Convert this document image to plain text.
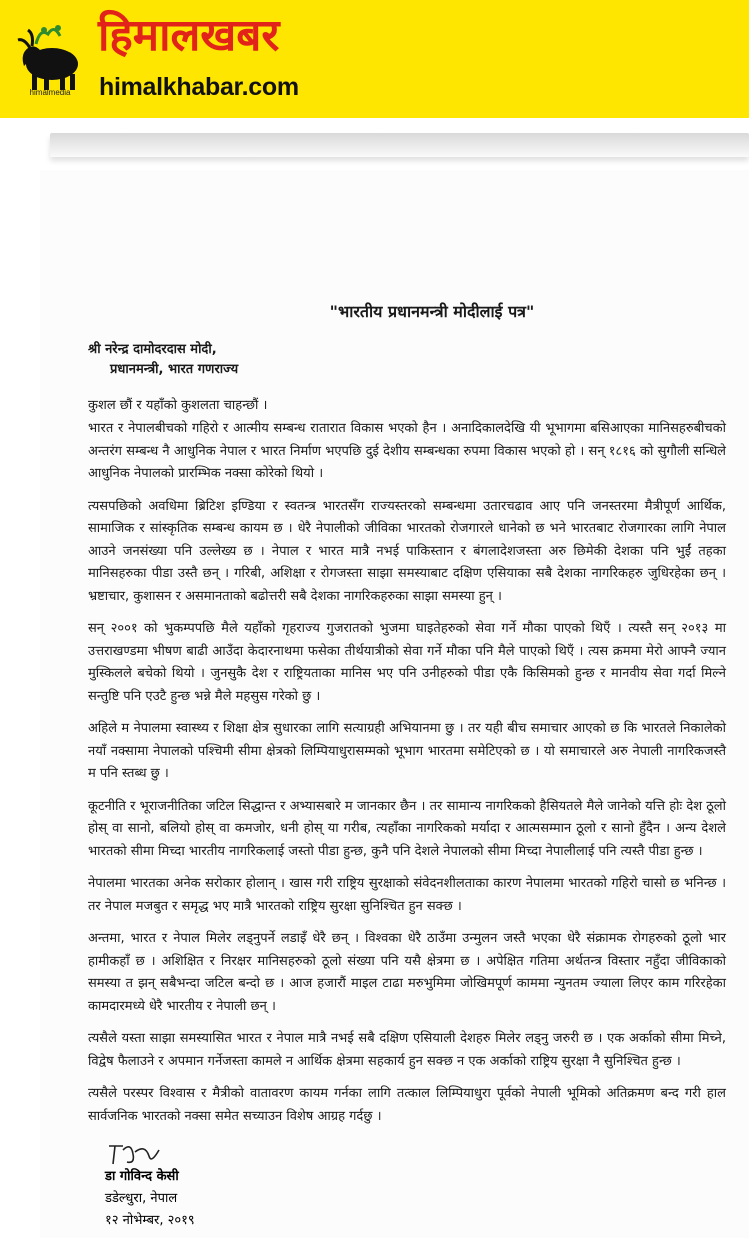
himalmedia
हिमालखबर
himalkhabar.com
"भारतीय प्रधानमन्त्री मोदीलाई पत्र"

श्री नरेन्द्र दामोदरदास मोदी,

प्रधानमन्त्री, भारत गणराज्य

कुशल छौं र यहाँको कुशलता चाहन्छौं ।
भारत र नेपालबीचको गहिरो र आत्मीय सम्बन्ध रातारात विकास भएको हैन । अनादिकालदेखि यी भूभागमा बसिआएका मानिसहरुबीचको अन्तरंग सम्बन्ध नै आधुनिक नेपाल र भारत निर्माण भएपछि दुई देशीय सम्बन्धका रुपमा विकास भएको हो । सन् १८१६ को सुगौली सन्धिले आधुनिक नेपालको प्रारम्भिक नक्सा कोरेको थियो ।
त्यसपछिको अवधिमा ब्रिटिश इण्डिया र स्वतन्त्र भारतसँग राज्यस्तरको सम्बन्धमा उतारचढाव आए पनि जनस्तरमा मैत्रीपूर्ण आर्थिक, सामाजिक र सांस्कृतिक सम्बन्ध कायम छ । धेरै नेपालीको जीविका भारतको रोजगारले धानेको छ भने भारतबाट रोजगारका लागि नेपाल आउने जनसंख्या पनि उल्लेख्य छ । नेपाल र भारत मात्रै नभई पाकिस्तान र बंगलादेशजस्ता अरु छिमेकी देशका पनि भुईं तहका मानिसहरुका पीडा उस्तै छन् । गरिबी, अशिक्षा र रोगजस्ता साझा समस्याबाट दक्षिण एसियाका सबै देशका नागरिकहरु जुधिरहेका छन् । भ्रष्टाचार, कुशासन र असमानताको बढोत्तरी सबै देशका नागरिकहरुका साझा समस्या हुन् ।
सन् २००१ को भुकम्पपछि मैले यहाँको गृहराज्य गुजरातको भुजमा घाइतेहरुको सेवा गर्ने मौका पाएको थिएँ । त्यस्तै सन् २०१३ मा उत्तराखण्डमा भीषण बाढी आउँदा केदारनाथमा फसेका तीर्थयात्रीको सेवा गर्ने मौका पनि मैले पाएको थिएँ । त्यस क्रममा मेरो आफ्नै ज्यान मुस्किलले बचेको थियो । जुनसुकै देश र राष्ट्रियताका मानिस भए पनि उनीहरुको पीडा एकै किसिमको हुन्छ र मानवीय सेवा गर्दा मिल्ने सन्तुष्टि पनि एउटै हुन्छ भन्ने मैले महसुस गरेको छु ।
अहिले म नेपालमा स्वास्थ्य र शिक्षा क्षेत्र सुधारका लागि सत्याग्रही अभियानमा छु । तर यही बीच समाचार आएको छ कि भारतले निकालेको नयाँ नक्सामा नेपालको पश्चिमी सीमा क्षेत्रको लिम्पियाधुरासम्मको भूभाग भारतमा समेटिएको छ । यो समाचारले अरु नेपाली नागरिकजस्तै म पनि स्तब्ध छु ।
कूटनीति र भूराजनीतिका जटिल सिद्धान्त र अभ्यासबारे म जानकार छैन । तर सामान्य नागरिकको हैसियतले मैले जानेको यत्ति होः देश ठूलो होस् वा सानो, बलियो होस् वा कमजोर, धनी होस् या गरीब, त्यहाँका नागरिकको मर्यादा र आत्मसम्मान ठूलो र सानो हुँदैन । अन्य देशले भारतको सीमा मिच्दा भारतीय नागरिकलाई जस्तो पीडा हुन्छ, कुनै पनि देशले नेपालको सीमा मिच्दा नेपालीलाई पनि त्यस्तै पीडा हुन्छ ।
नेपालमा भारतका अनेक सरोकार होलान् । खास गरी राष्ट्रिय सुरक्षाको संवेदनशीलताका कारण नेपालमा भारतको गहिरो चासो छ भनिन्छ । तर नेपाल मजबुत र समृद्ध भए मात्रै भारतको राष्ट्रिय सुरक्षा सुनिश्चित हुन सक्छ ।
अन्तमा, भारत र नेपाल मिलेर लड्नुपर्ने लडाइँ धेरै छन् । विश्वका धेरै ठाउँमा उन्मुलन जस्तै भएका धेरै संक्रामक रोगहरुको ठूलो भार हामीकहाँ छ । अशिक्षित र निरक्षर मानिसहरुको ठूलो संख्या पनि यसै क्षेत्रमा छ । अपेक्षित गतिमा अर्थतन्त्र विस्तार नहुँदा जीविकाको समस्या त झन् सबैभन्दा जटिल बन्दो छ । आज हजारौं माइल टाढा मरुभुमिमा जोखिमपूर्ण काममा न्युनतम ज्याला लिएर काम गरिरहेका कामदारमध्ये धेरै भारतीय र नेपाली छन् ।
त्यसैले यस्ता साझा समस्यासित भारत र नेपाल मात्रै नभई सबै दक्षिण एसियाली देशहरु मिलेर लड्नु जरुरी छ । एक अर्काको सीमा मिच्ने, विद्वेष फैलाउने र अपमान गर्नेजस्ता कामले न आर्थिक क्षेत्रमा सहकार्य हुन सक्छ न एक अर्काको राष्ट्रिय सुरक्षा नै सुनिश्चित हुन्छ ।
त्यसैले परस्पर विश्वास र मैत्रीको वातावरण कायम गर्नका लागि तत्काल लिम्पियाधुरा पूर्वको नेपाली भूमिको अतिक्रमण बन्द गरी हाल सार्वजनिक भारतको नक्सा समेत सच्याउन विशेष आग्रह गर्दछु ।

डा गोविन्द केसी

डडेल्धुरा, नेपाल

१२ नोभेम्बर, २०१९
